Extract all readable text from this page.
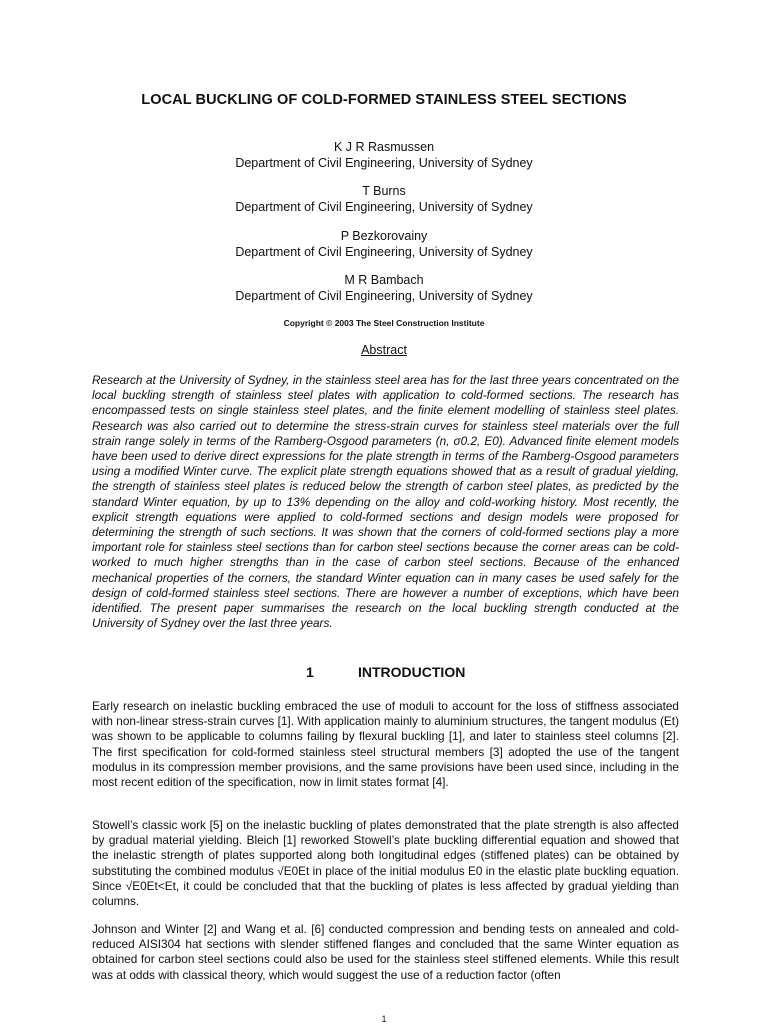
LOCAL BUCKLING OF COLD-FORMED STAINLESS STEEL SECTIONS
K J R Rasmussen
Department of Civil Engineering, University of Sydney
T Burns
Department of Civil Engineering, University of Sydney
P Bezkorovainy
Department of Civil Engineering, University of Sydney
M R Bambach
Department of Civil Engineering, University of Sydney
Copyright © 2003 The Steel Construction Institute
Abstract
Research at the University of Sydney, in the stainless steel area has for the last three years concentrated on the local buckling strength of stainless steel plates with application to cold-formed sections. The research has encompassed tests on single stainless steel plates, and the finite element modelling of stainless steel plates. Research was also carried out to determine the stress-strain curves for stainless steel materials over the full strain range solely in terms of the Ramberg-Osgood parameters (n, σ0.2, E0). Advanced finite element models have been used to derive direct expressions for the plate strength in terms of the Ramberg-Osgood parameters using a modified Winter curve. The explicit plate strength equations showed that as a result of gradual yielding, the strength of stainless steel plates is reduced below the strength of carbon steel plates, as predicted by the standard Winter equation, by up to 13% depending on the alloy and cold-working history. Most recently, the explicit strength equations were applied to cold-formed sections and design models were proposed for determining the strength of such sections. It was shown that the corners of cold-formed sections play a more important role for stainless steel sections than for carbon steel sections because the corner areas can be cold-worked to much higher strengths than in the case of carbon steel sections. Because of the enhanced mechanical properties of the corners, the standard Winter equation can in many cases be used safely for the design of cold-formed stainless steel sections. There are however a number of exceptions, which have been identified. The present paper summarises the research on the local buckling strength conducted at the University of Sydney over the last three years.
1	INTRODUCTION
Early research on inelastic buckling embraced the use of moduli to account for the loss of stiffness associated with non-linear stress-strain curves [1]. With application mainly to aluminium structures, the tangent modulus (Et) was shown to be applicable to columns failing by flexural buckling [1], and later to stainless steel columns [2]. The first specification for cold-formed stainless steel structural members [3] adopted the use of the tangent modulus in its compression member provisions, and the same provisions have been used since, including in the most recent edition of the specification, now in limit states format [4].
Stowell’s classic work [5] on the inelastic buckling of plates demonstrated that the plate strength is also affected by gradual material yielding. Bleich [1] reworked Stowell’s plate buckling differential equation and showed that the inelastic strength of plates supported along both longitudinal edges (stiffened plates) can be obtained by substituting the combined modulus √E0Et in place of the initial modulus E0 in the elastic plate buckling equation. Since √E0Et<Et, it could be concluded that that the buckling of plates is less affected by gradual yielding than columns.
Johnson and Winter [2] and Wang et al. [6] conducted compression and bending tests on annealed and cold-reduced AISI304 hat sections with slender stiffened flanges and concluded that the same Winter equation as obtained for carbon steel sections could also be used for the stainless steel stiffened elements. While this result was at odds with classical theory, which would suggest the use of a reduction factor (often
1
